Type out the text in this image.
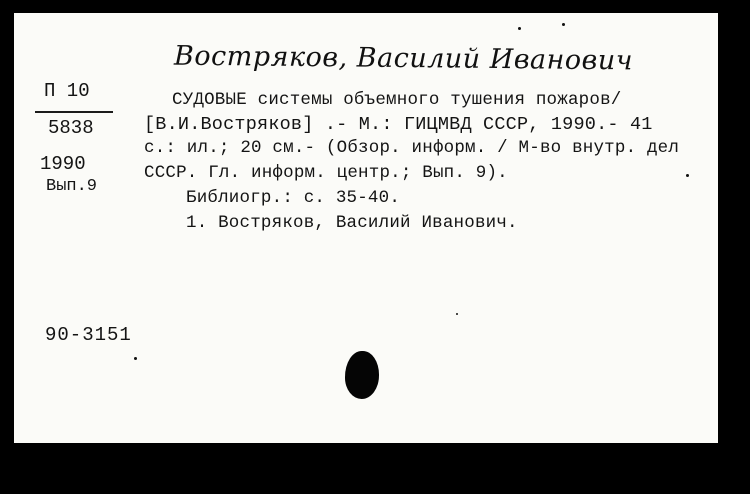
Востряков, Василий Иванович
П 10
5838
1990
Вып.9
СУДОВЫЕ системы объемного тушения пожаров/
[В.И.Востряков] .- М.: ГИЦМВД СССР, 1990.- 41
с.: ил.; 20 см.- (Обзор. информ. / М-во внутр. дел
СССР. Гл. информ. центр.; Вып. 9).
Библиогр.: с. 35-40.
1. Востряков, Василий Иванович.
90-3151
